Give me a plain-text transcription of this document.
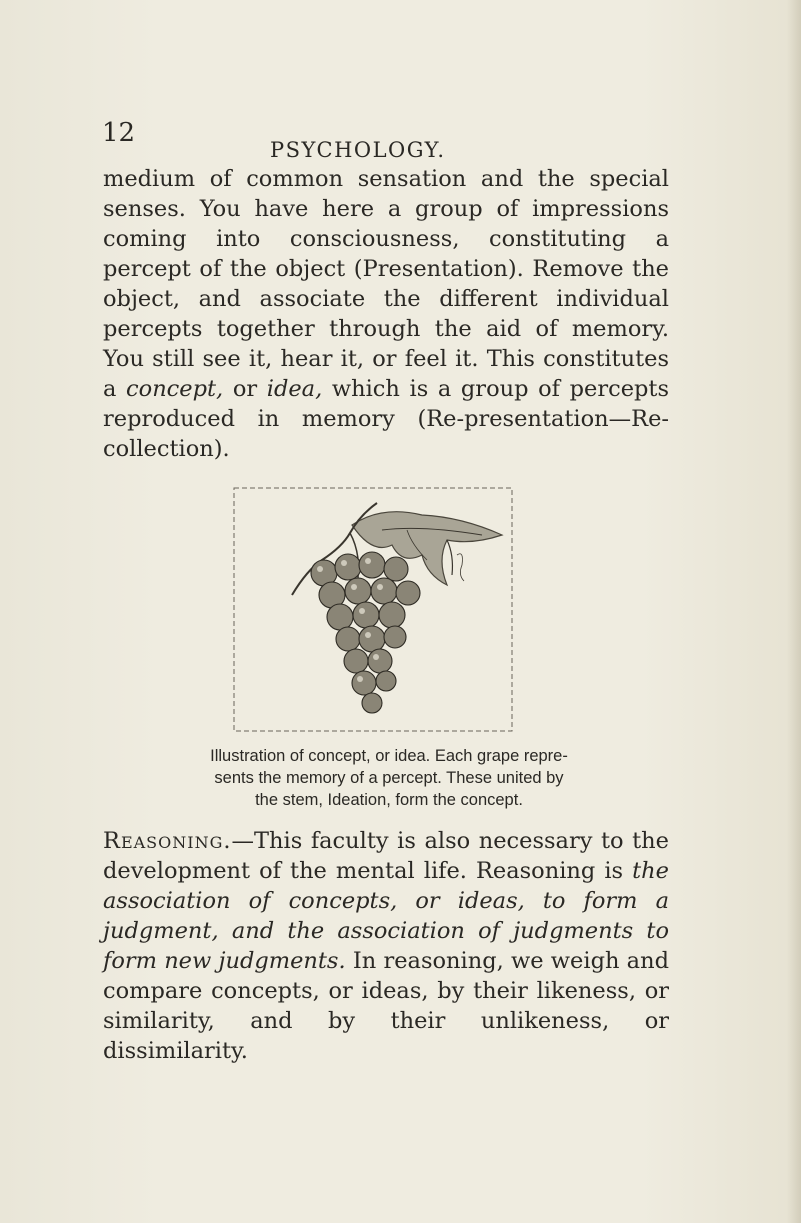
12
PSYCHOLOGY.

medium of common sensation and the special senses. You have here a group of impressions coming into consciousness, constituting a percept of the object (Presentation). Remove the object, and associate the different individual percepts together through the aid of memory. You still see it, hear it, or feel it. This constitutes a concept, or idea, which is a group of percepts reproduced in memory (Re-presentation—Re-collection).

Illustration of concept, or idea. Each grape repre-
sents the memory of a percept. These united by
the stem, Ideation, form the concept.

Reasoning.—This faculty is also necessary to the development of the mental life. Reasoning is the association of concepts, or ideas, to form a judgment, and the association of judgments to form new judgments. In reasoning, we weigh and compare concepts, or ideas, by their likeness, or similarity, and by their unlikeness, or dissimilarity.
